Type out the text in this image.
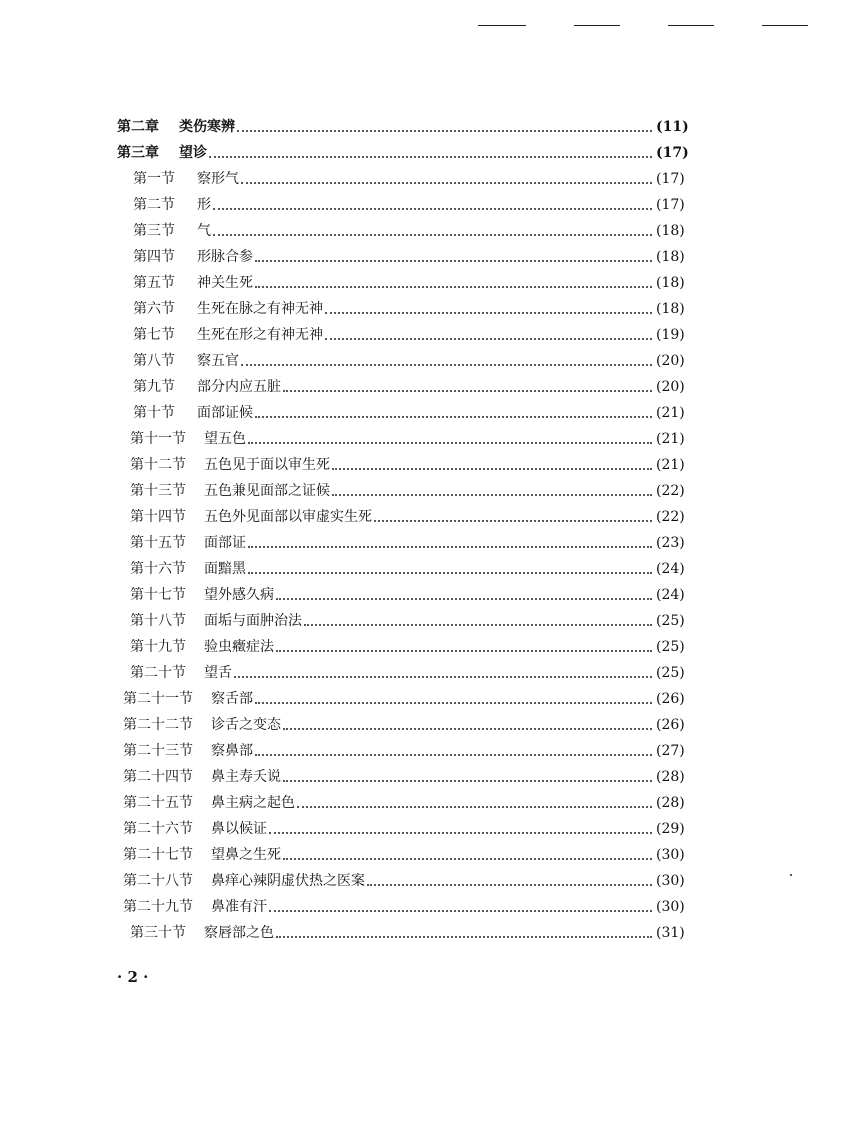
第二章 类伤寒辨	(11)
第三章 望诊	(17)
第一节 察形气	(17)
第二节 形	(17)
第三节 气	(18)
第四节 形脉合参	(18)
第五节 神关生死	(18)
第六节 生死在脉之有神无神	(18)
第七节 生死在形之有神无神	(19)
第八节 察五官	(20)
第九节 部分内应五脏	(20)
第十节 面部证候	(21)
第十一节 望五色	(21)
第十二节 五色见于面以审生死	(21)
第十三节 五色兼见面部之证候	(22)
第十四节 五色外见面部以审虚实生死	(22)
第十五节 面部证	(23)
第十六节 面黯黑	(24)
第十七节 望外感久病	(24)
第十八节 面垢与面肿治法	(25)
第十九节 验虫癥症法	(25)
第二十节 望舌	(25)
第二十一节 察舌部	(26)
第二十二节 诊舌之变态	(26)
第二十三节 察鼻部	(27)
第二十四节 鼻主寿夭说	(28)
第二十五节 鼻主病之起色	(28)
第二十六节 鼻以候证	(29)
第二十七节 望鼻之生死	(30)
第二十八节 鼻痒心辣阴虚伏热之医案	(30)
第二十九节 鼻准有汗	(30)
第三十节 察唇部之色	(31)
· 2 ·
